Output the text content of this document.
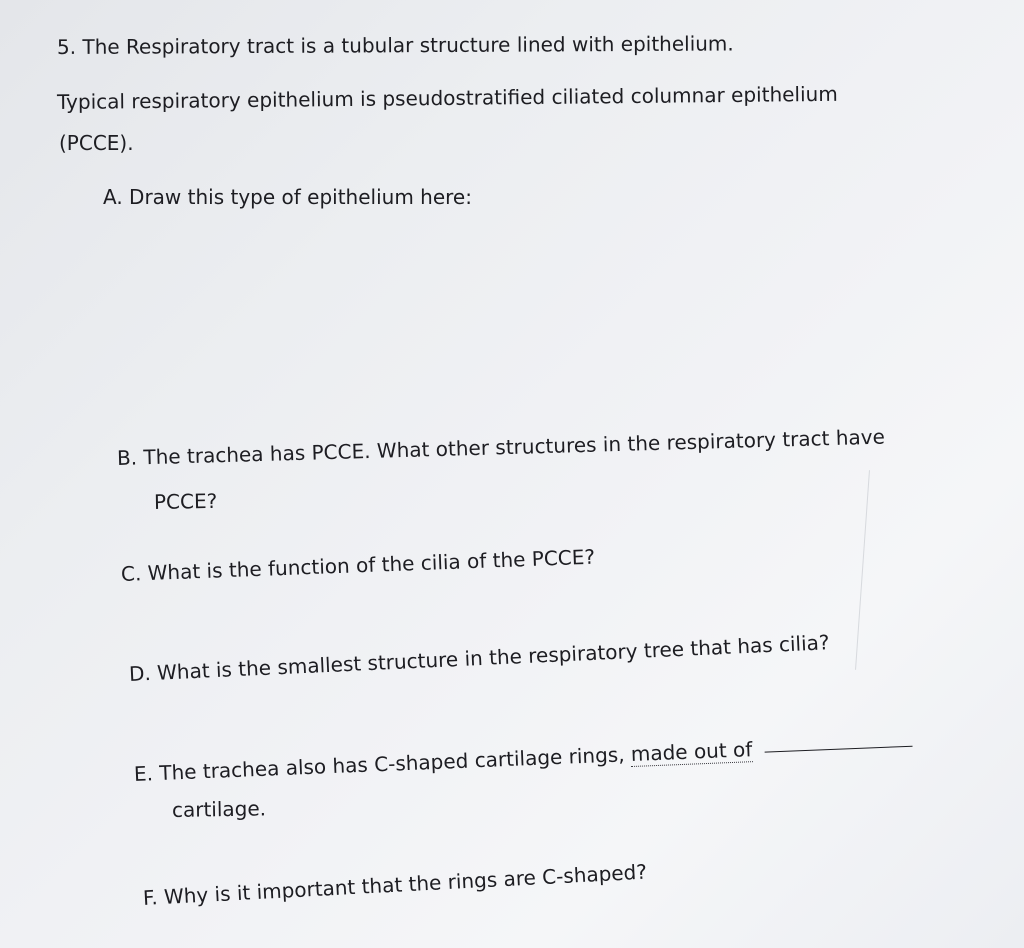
5. The Respiratory tract is a tubular structure lined with epithelium.
Typical respiratory epithelium is pseudostratified ciliated columnar epithelium
(PCCE).
A. Draw this type of epithelium here:
B. The trachea has PCCE. What other structures in the respiratory tract have
PCCE?
C. What is the function of the cilia of the PCCE?
D. What is the smallest structure in the respiratory tree that has cilia?
E. The trachea also has C-shaped cartilage rings, made out of
cartilage.
F. Why is it important that the rings are C-shaped?
